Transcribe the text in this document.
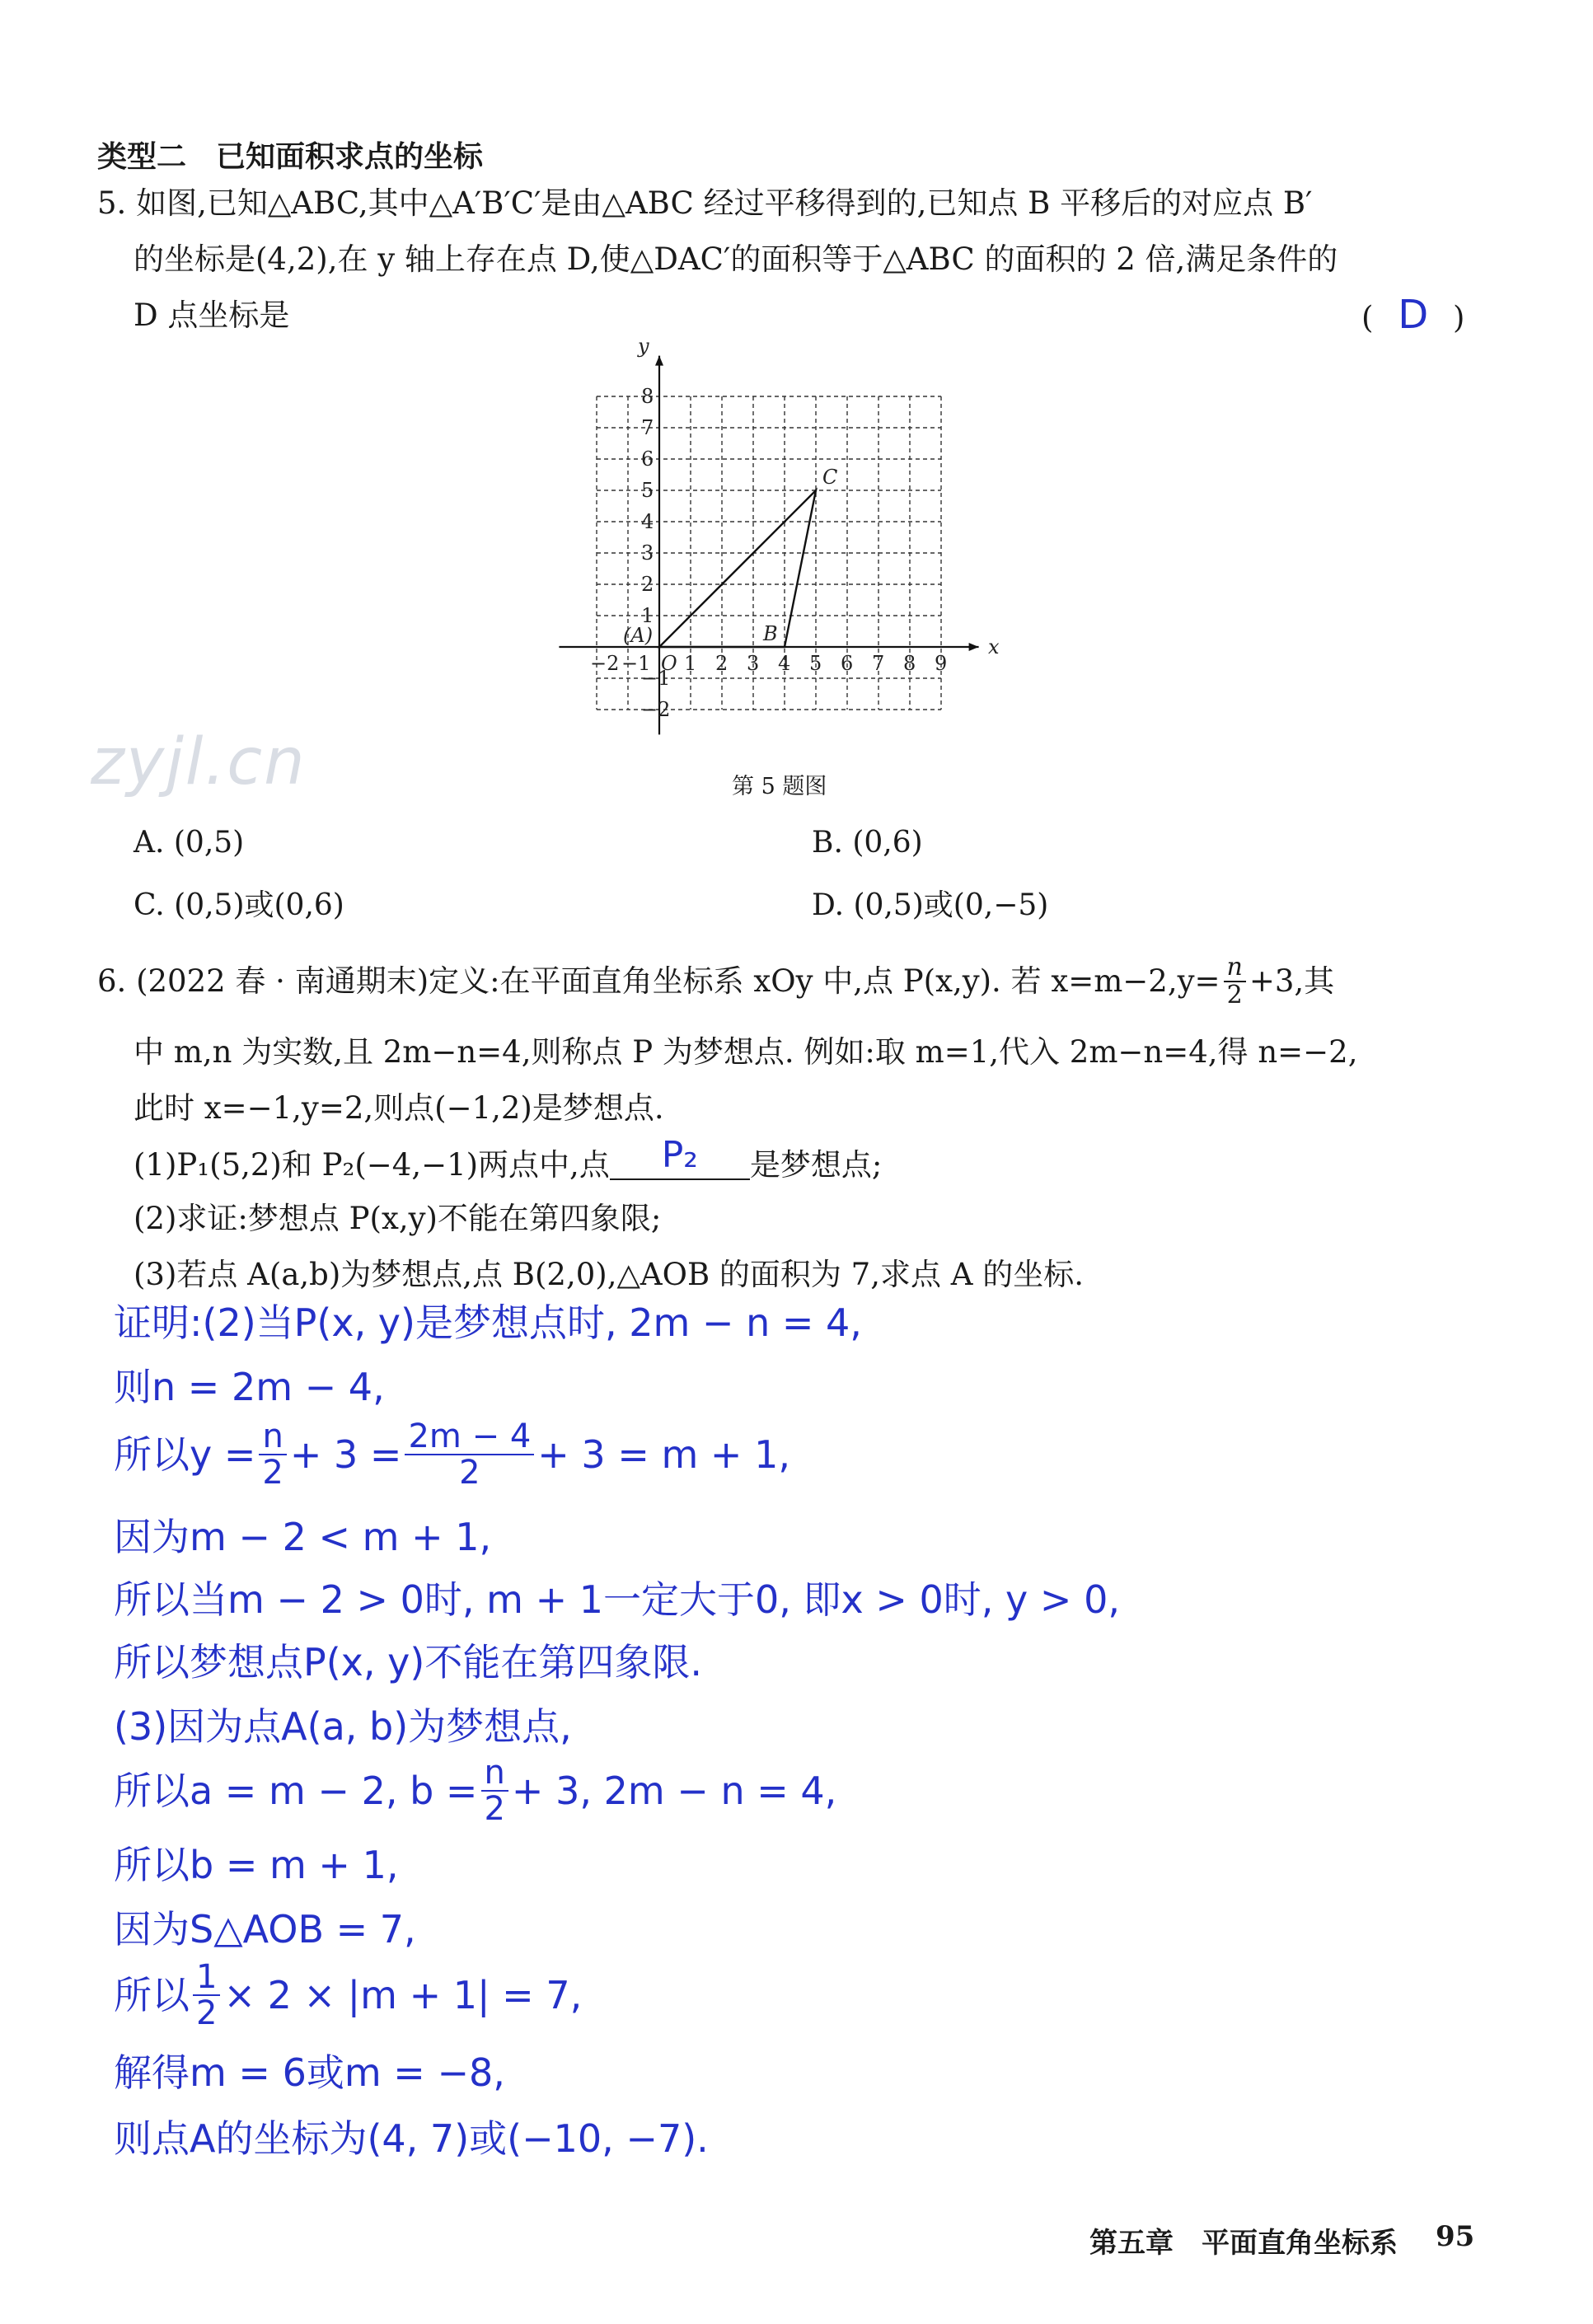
类型二　已知面积求点的坐标
5. 如图,已知△ABC,其中△A′B′C′是由△ABC 经过平移得到的,已知点 B 平移后的对应点 B′
的坐标是(4,2),在 y 轴上存在点 D,使△DAC′的面积等于△ABC 的面积的 2 倍,满足条件的
D 点坐标是	( D )
x
y
−2 −1 1 2 3 4 5 6 7 8 9
O
8
7
6
5
4
3
2
1
−1
−2
(A)	B
C
第 5 题图
zyjl.cn
A. (0,5)	B. (0,6)
C. (0,5)或(0,6)	D. (0,5)或(0,−5)
6. (2022 春 · 南通期末)定义:在平面直角坐标系 xOy 中,点 P(x,y). 若 $x=m-2,y= \frac{n}{2} +3$,其
中 m,n 为实数,且 2m−n=4,则称点 P 为梦想点. 例如:取 m=1,代入 2m−n=4,得 n=−2,
此时 x=−1,y=2,则点(−1,2)是梦想点.
(1)P₁(5,2)和 P₂(−4,−1)两点中,点	P₂	是梦想点;
(2)求证:梦想点 P(x,y)不能在第四象限;
(3)若点 A(a,b)为梦想点,点 B(2,0),△AOB 的面积为 7,求点 A 的坐标.
证明:(2)当P(x, y)是梦想点时, 2m − n = 4,
则n = 2m − 4,
所以$y = \frac{n}{2} + 3 = \frac{2m - 4}{2} + 3 = m + 1$,
因为m − 2 < m + 1,
所以当m − 2 > 0时, m + 1一定大于0, 即x > 0时, y > 0,
所以梦想点P(x, y)不能在第四象限.
(3)因为点A(a, b)为梦想点,
所以a = m − 2, $b = \frac{n}{2} + 3$, 2m − n = 4,
所以b = m + 1,
因为S△AOB = 7,
所以 $\frac{1}{2} \times 2 \times |m + 1| = 7$,
解得m = 6或m = −8,
则点A的坐标为(4, 7)或(−10, −7).
第五章　平面直角坐标系 95
